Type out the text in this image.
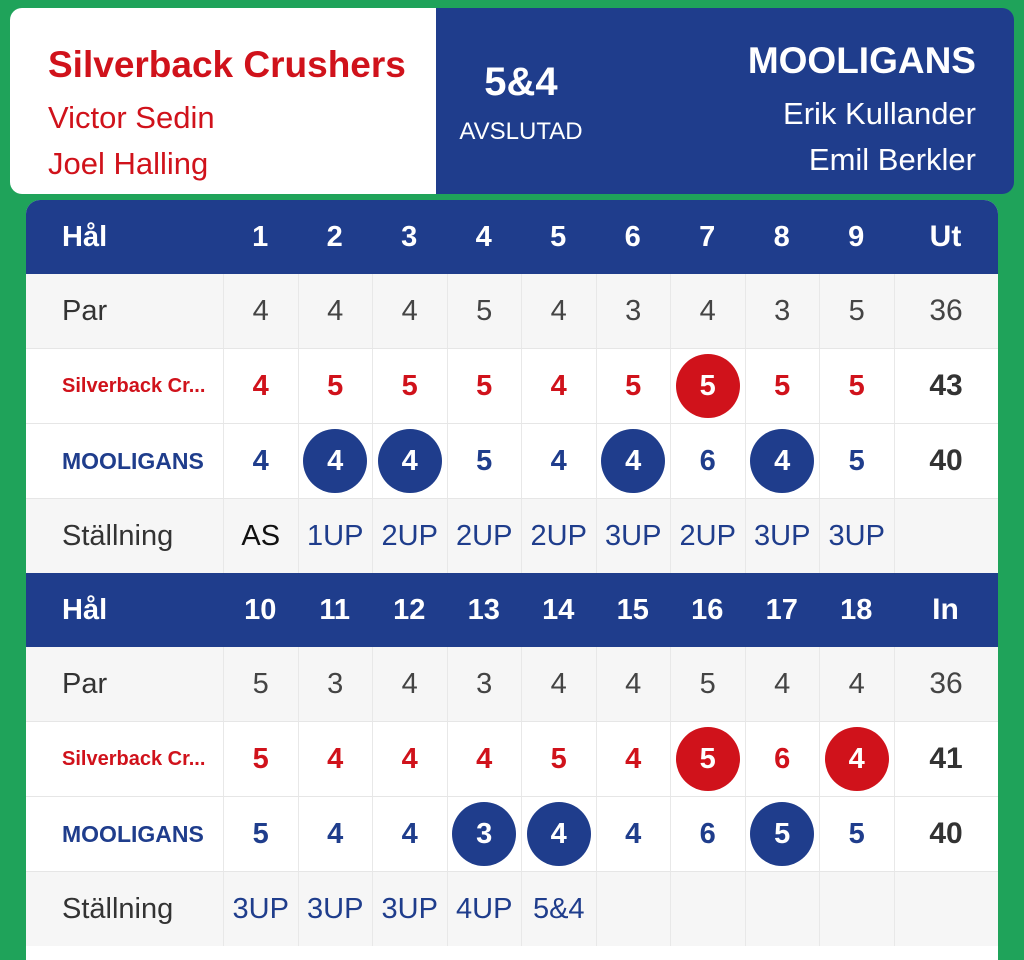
Silverback Crushers
Victor Sedin
Joel Halling
5&4
AVSLUTAD
MOOLIGANS
Erik Kullander
Emil Berkler
Hål	1	2	3	4	5	6	7	8	9	Ut
Par	4	4	4	5	4	3	4	3	5	36
Silverback Cr...	4	5	5	5	4	5	5	5	5	43
MOOLIGANS	4	4	4	5	4	4	6	4	5	40
Ställning	AS 1UP 2UP 2UP 2UP 3UP 2UP 3UP 3UP
Hål	10	11	12	13	14	15	16	17	18	In
Par	5	3	4	3	4	4	5	4	4	36
Silverback Cr...	5	4	4	4	5	4	5	6	4	41
MOOLIGANS	5	4	4	3	4	4	6	5	5	40
Ställning	3UP 3UP 3UP 4UP 5&4
